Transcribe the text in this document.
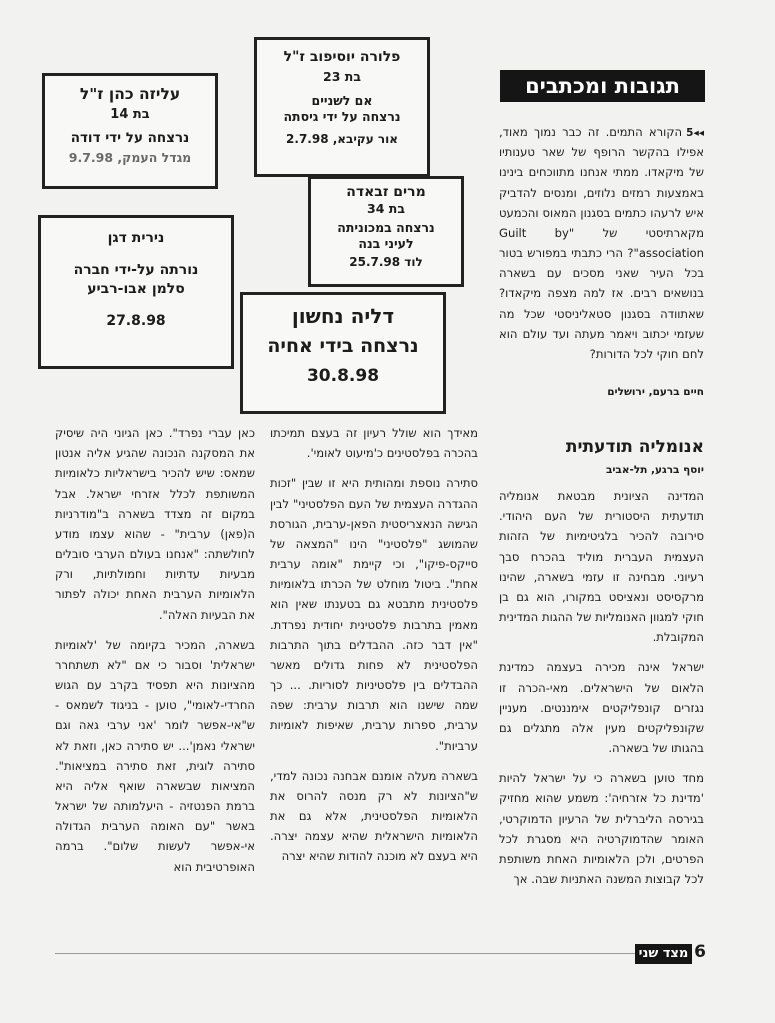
עליזה כהן ז"ל
בת 14
נרצחה על ידי דודה
מגדל העמק, 9.7.98
פלורה יוסיפוב ז"ל
בת 23
אם לשניים
נרצחה על ידי גיסתה
אור עקיבא, 2.7.98
מרים זבאדה
בת 34
נרצחה במכוניתה
לעיני בנה
לוד 25.7.98
נירית דגן
נורתה על-ידי חברה
סלמן אבו-רביע
27.8.98	דליה נחשון
נרצחה בידי אחיה
30.8.98
תגובות ומכתבים
◂◂5הקורא התמים. זה כבר נמוך מאוד, אפילו בהקשר הרופף של שאר טענותיו של מיקאדו. ממתי אנחנו מתווכחים בינינו באמצעות רמזים נלוזים, ומנסים להדביק איש לרעהו כתמים בסגנון המאוס והכמעט מקארתיסטי של "Guilt by association"? הרי כתבתי במפורש בטור בכל העיר שאני מסכים עם בשארה בנושאים רבים. אז למה מצפה מיקאדו? שאתוודה בסגנון סטאליניסטי שכל מה שעזמי יכתוב ויאמר מעתה ועד עולם הוא לחם חוקי לכל הדורות?
חיים ברעם, ירושלים
אנומליה תודעתית
יוסף ברגע, תל-אביב

המדינה הציונית מבטאת אנומליה תודעתית היסטורית של העם היהודי. סירובה להכיר בלגיטימיות של הזהות העצמית העברית מוליד בהכרח סבך רעיוני. מבחינה זו עזמי בשארה, שהינו מרקסיסט ונאציסט במקורו, הוא גם בן חוקי למגוון האנומליות של ההגות המדינית המקובלת.

ישראל אינה מכירה בעצמה כמדינת הלאום של הישראלים. מאי-הכרה זו נגזרים קונפליקטים אימננטים. מעניין שקונפליקטים מעין אלה מתגלים גם בהגותו של בשארה.

מחד טוען בשארה כי על ישראל להיות 'מדינת כל אזרחיה': משמע שהוא מחזיק בגירסה הליברלית של הרעיון הדמוקרטי, האומר שהדמוקרטיה היא מסגרת לכל הפרטים, ולכן הלאומיות האחת משותפת לכל קבוצות המשנה האתניות שבה. אך

מאידך הוא שולל רעיון זה בעצם תמיכתו בהכרה בפלסטינים כ'מיעוט לאומי'.

סתירה נוספת ומהותית היא זו שבין "זכות ההגדרה העצמית של העם הפלסטיני" לבין הגישה הנאצריסטית הפאן-ערבית, הגורסת שהמושג "פלסטיני" הינו "המצאה של סייקס-פיקו", וכי קיימת "אומה ערבית אחת". ביטול מוחלט של הכרתו בלאומיות פלסטינית מתבטא גם בטענתו שאין הוא מאמין בתרבות פלסטינית יחודית נפרדת. "אין דבר כזה. ההבדלים בתוך התרבות הפלסטינית לא פחות גדולים מאשר ההבדלים בין פלסטיניות לסוריות. ... כך שמה שישנו הוא תרבות ערבית: שפה ערבית, ספרות ערבית, שאיפות לאומיות ערביות".

בשארה מעלה אומנם אבחנה נכונה למדי, ש"הציונות לא רק מנסה להרוס את הלאומיות הפלסטינית, אלא גם את הלאומיות הישראלית שהיא עצמה יצרה. היא בעצם לא מוכנה להודות שהיא יצרה

כאן עברי נפרד". כאן הגיוני היה שיסיק את המסקנה הנכונה שהגיע אליה אנטון שמאס: שיש להכיר בישראליות כלאומיות המשותפת לכלל אזרחי ישראל. אבל במקום זה מצדד בשארה ב"מודרניות ה(פאן) ערבית" - שהוא עצמו מודע לחולשתה: "אנחנו בעולם הערבי סובלים מבעיות עדתיות וחמולתיות, ורק הלאומיות הערבית האחת יכולה לפתור את הבעיות האלה".

בשארה, המכיר בקיומה של 'לאומיות ישראלית' וסבור כי אם "לא תשתחרר מהציונות היא תפסיד בקרב עם הגוש החרדי-לאומי", טוען - בניגוד לשמאס - ש"אי-אפשר לומר 'אני ערבי גאה וגם ישראלי נאמן'... יש סתירה כאן, וזאת לא סתירה לוגית, זאת סתירה במציאות". המציאות שבשארה שואף אליה היא ברמת הפנטזיה - היעלמותה של ישראל באשר "עם האומה הערבית הגדולה אי-אפשר לעשות שלום". ברמה האופרטיבית הוא

מצד שני 6
